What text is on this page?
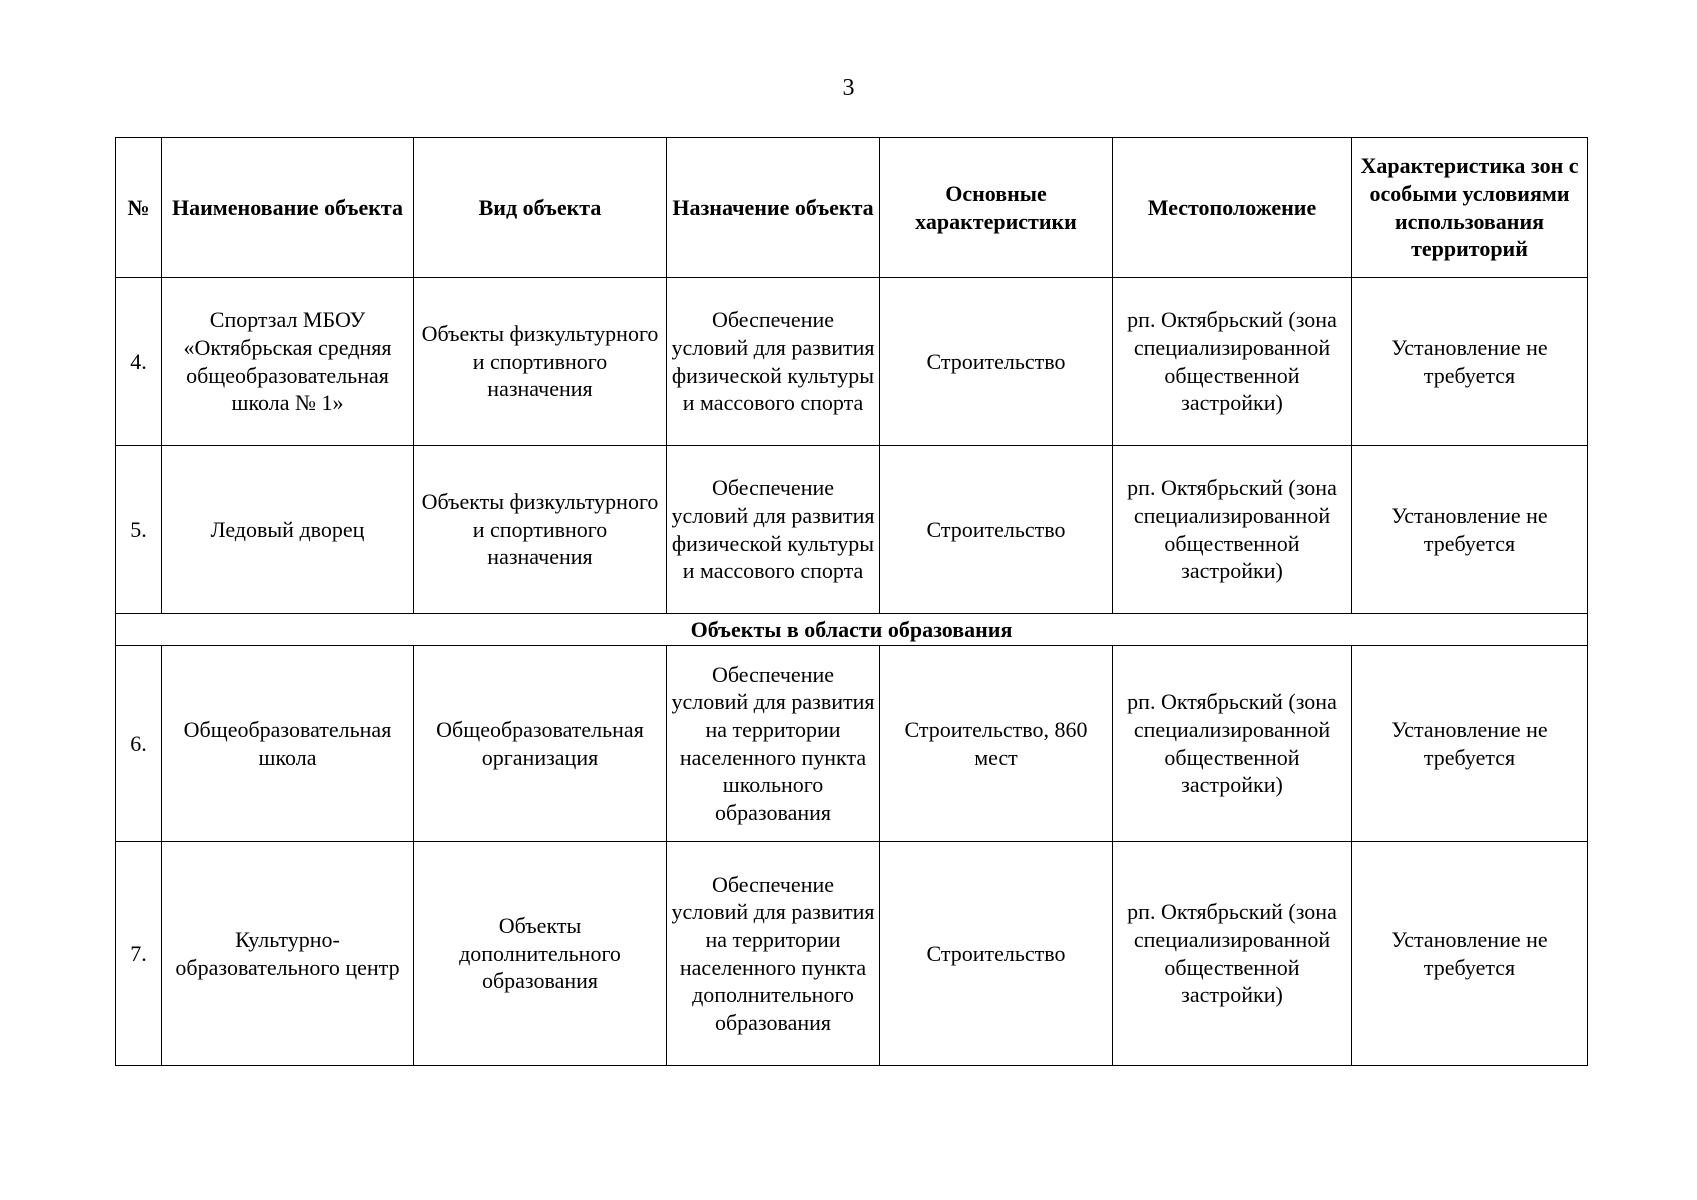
3
№	Наименование объекта	Вид объекта	Назначение объекта	Основные характеристики	Местоположение	Характеристика зон с особыми условиями использования территорий
4.	Спортзал МБОУ «Октябрьская средняя общеобразовательная школа № 1»	Объекты физкультурного и спортивного назначения	Обеспечение условий для развития физической культуры и массового спорта	Строительство	рп. Октябрьский (зона специализированной общественной застройки)	Установление не требуется
5.	Ледовый дворец	Объекты физкультурного и спортивного назначения	Обеспечение условий для развития физической культуры и массового спорта	Строительство	рп. Октябрьский (зона специализированной общественной застройки)	Установление не требуется
Объекты в области образования						
6.	Общеобразовательная школа	Общеобразовательная организация	Обеспечение условий для развития на территории населенного пункта школьного образования	Строительство, 860 мест	рп. Октябрьский (зона специализированной общественной застройки)	Установление не требуется
7.	Культурно-образовательного центр	Объекты дополнительного образования	Обеспечение условий для развития на территории населенного пункта дополнительного образования	Строительство	рп. Октябрьский (зона специализированной общественной застройки)	Установление не требуется
